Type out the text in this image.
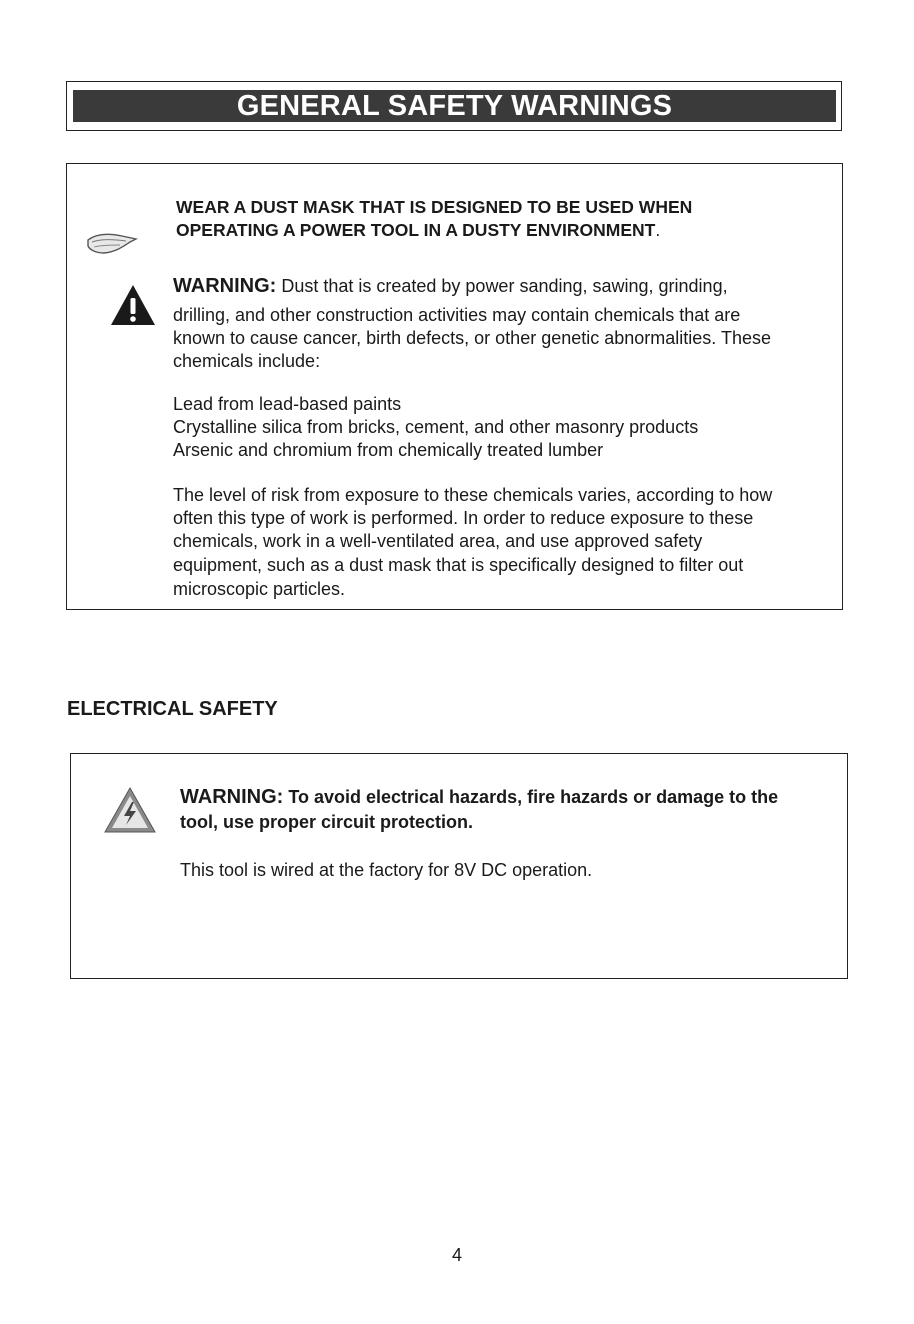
GENERAL SAFETY WARNINGS
WEAR A DUST MASK THAT IS DESIGNED TO BE USED WHEN
OPERATING A POWER TOOL IN A DUSTY ENVIRONMENT.
WARNING: Dust that is created by power sanding, sawing, grinding,
drilling, and other construction activities may contain chemicals that are
known to cause cancer, birth defects, or other genetic abnormalities. These
chemicals include:
Lead from lead-based paints
Crystalline silica from bricks, cement, and other masonry products
Arsenic and chromium from chemically treated lumber
The level of risk from exposure to these chemicals varies, according to how
often this type of work is performed. In order to reduce exposure to these
chemicals, work in a well-ventilated area, and use approved safety
equipment, such as a dust mask that is specifically designed to filter out
microscopic particles.
ELECTRICAL SAFETY
WARNING: To avoid electrical hazards, fire hazards or damage to the
tool, use proper circuit protection.
This tool is wired at the factory for 8V DC operation.
4
